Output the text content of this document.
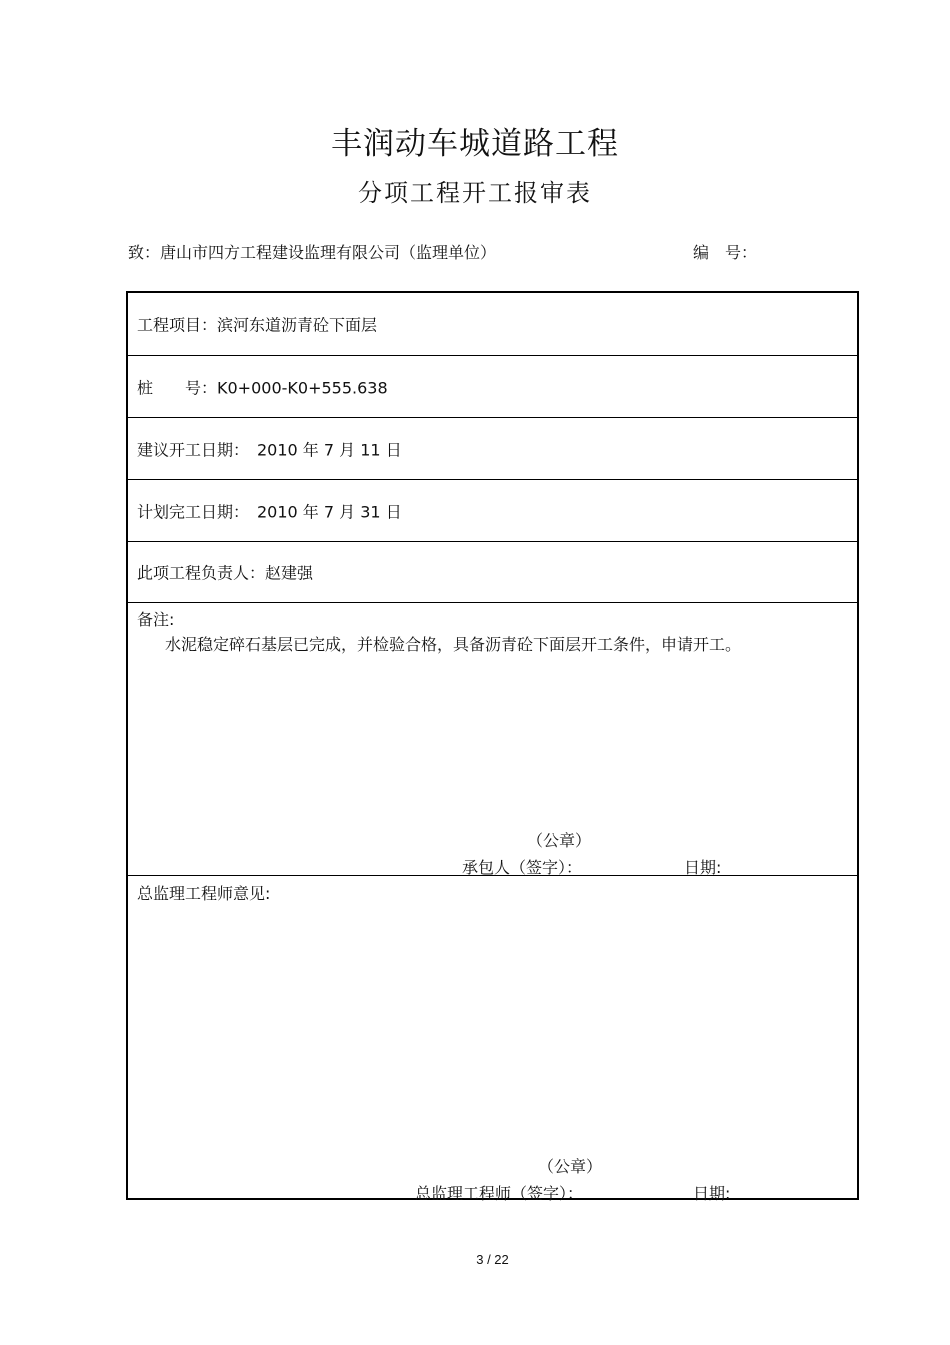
丰润动车城道路工程
分项工程开工报审表
致：唐山市四方工程建设监理有限公司（监理单位）	编　号：
工程项目：滨河东道沥青砼下面层
桩　　号：K0+000-K0+555.638
建议开工日期：　2010 年 7 月 11 日
计划完工日期：　2010 年 7 月 31 日
此项工程负责人：赵建强
备注:
水泥稳定碎石基层已完成，并检验合格，具备沥青砼下面层开工条件，申请开工。
（公章）
承包人（签字）：	日期:
总监理工程师意见:
（公章）
总监理工程师（签字）：	日期:
3 / 22
